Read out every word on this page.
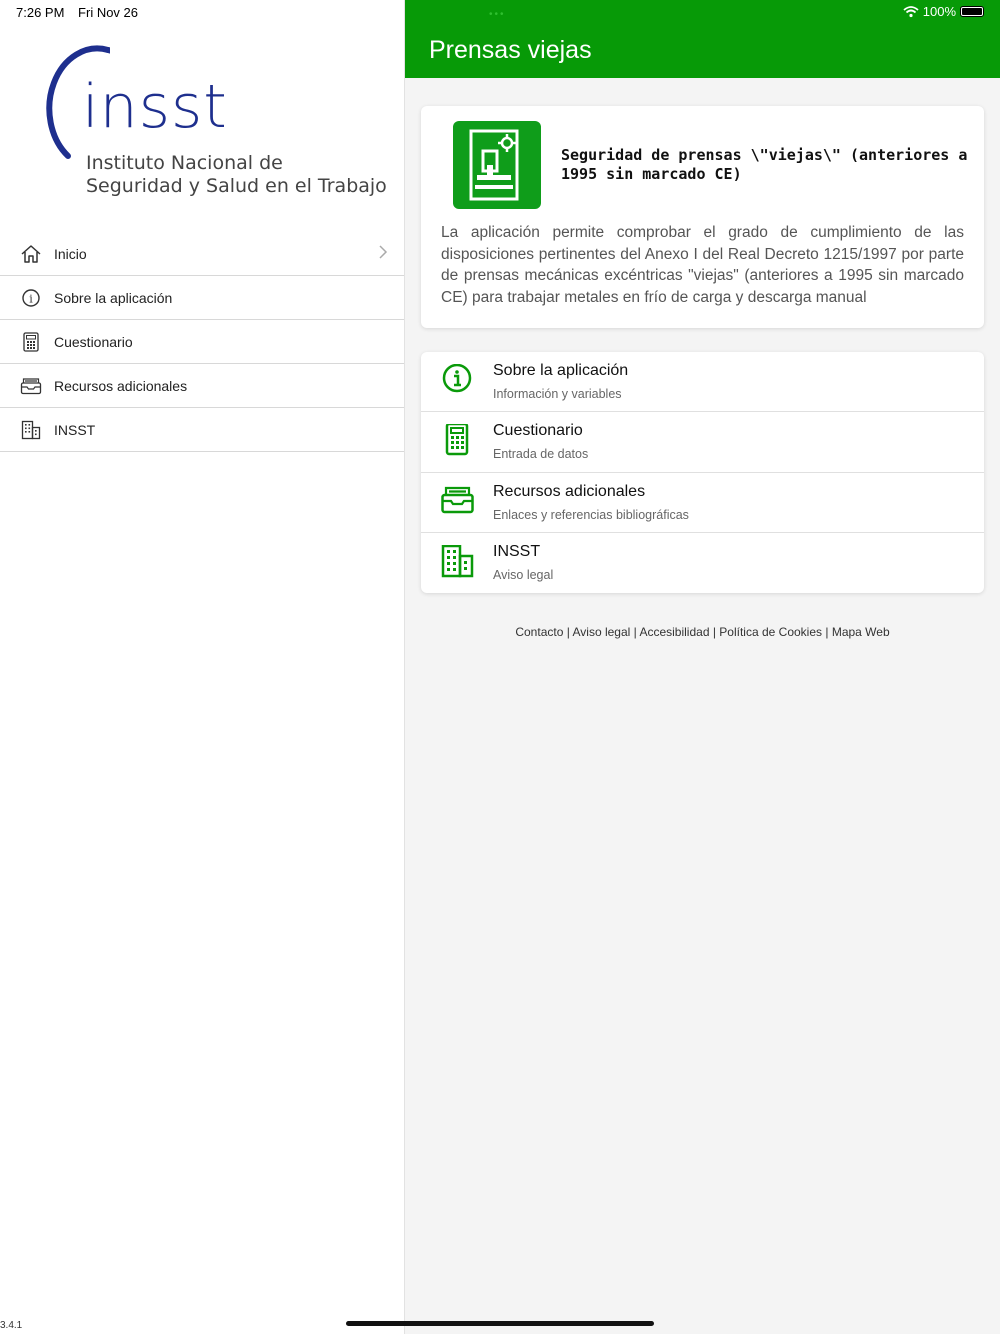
7:26 PM Fri Nov 26
insst
Instituto Nacional de
Seguridad y Salud en el Trabajo
Inicio
i Sobre la aplicación
Cuestionario
Recursos adicionales
INSST
3.4.1
•••	100%
Prensas viejas
Seguridad de prensas \"viejas\" (anteriores a 1995 sin marcado CE)
La aplicación permite comprobar el grado de cumplimiento de las disposiciones pertinentes del Anexo I del Real Decreto 1215/1997 por parte de prensas mecánicas excéntricas "viejas" (anteriores a 1995 sin marcado CE) para trabajar metales en frío de carga y descarga manual
Sobre la aplicación
Información y variables
Cuestionario
Entrada de datos
Recursos adicionales
Enlaces y referencias bibliográficas
INSST
Aviso legal
Contacto | Aviso legal | Accesibilidad | Política de Cookies | Mapa Web
